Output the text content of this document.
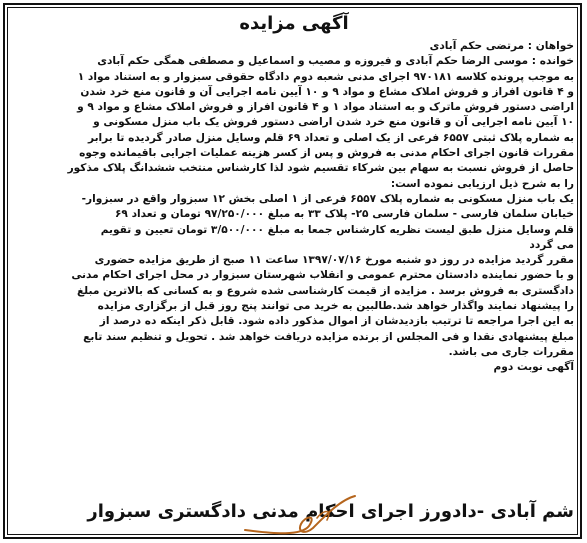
آگهی مزایده
خواهان : مرتضی حکم آبادی
خوانده : موسی الرضا حکم آبادی و فیروزه و مصیب و اسماعیل و مصطفی همگی حکم آبادی
به موجب پرونده کلاسه ۹۷۰۱۸۱ اجرای مدنی شعبه دوم دادگاه حقوقی سبزوار و به استناد مواد ۱
و ۴ قانون افراز و فروش املاک مشاع و مواد ۹ و ۱۰ آیین نامه اجرایی آن و قانون منع خرد شدن
اراضی دستور فروش ماترک و به استناد مواد ۱ و ۴ قانون افراز و فروش املاک مشاع و مواد ۹ و
۱۰ آیین نامه اجرایی آن و قانون منع خرد شدن اراضی دستور فروش یک باب منزل مسکونی و
به شماره پلاک ثبتی ۶۵۵۷ فرعی از یک اصلی و تعداد ۶۹ قلم وسایل منزل صادر گردیده تا برابر
مقررات قانون اجرای احکام مدنی به فروش و پس از کسر هزینه عملیات اجرایی باقیمانده وجوه
حاصل از فروش نسبت به سهام بین شرکاء تقسیم شود لذا کارشناس منتخب ششدانگ پلاک مذکور
را به شرح ذیل ارزیابی نموده است:
یک باب منزل مسکونی به شماره پلاک ۶۵۵۷ فرعی از ۱ اصلی بخش ۱۲ سبزوار واقع در سبزوار-
خیابان سلمان فارسی - سلمان فارسی ۲۵- پلاک ۳۳ به مبلغ ۹۷/۲۵۰/۰۰۰ تومان و تعداد ۶۹
قلم وسایل منزل طبق لیست نظریه کارشناس جمعا به مبلغ ۳/۵۰۰/۰۰۰ تومان تعیین و تقویم
می گردد
مقرر گردید مزایده در روز دو شنبه مورخ ۱۳۹۷/۰۷/۱۶ ساعت ۱۱ صبح از طریق مزایده حضوری
و با حضور نماینده دادستان محترم عمومی و انقلاب شهرستان سبزوار در محل اجرای احکام مدنی
دادگستری به فروش برسد . مزایده از قیمت کارشناسی شده شروع و به کسانی که بالاترین مبلغ
را پیشنهاد نمایند واگذار خواهد شد.طالبین به خرید می توانند پنج روز قبل از برگزاری مزایده
به این اجرا مراجعه تا ترتیب بازدیدشان از اموال مذکور داده شود. قابل ذکر اینکه ده درصد از
مبلغ پیشنهادی نقدا و فی المجلس از برنده مزایده دریافت خواهد شد . تحویل و تنظیم سند تابع
مقررات جاری می باشد.
آگهی نوبت دوم
شم آبادی -دادورز اجرای احکام مدنی دادگستری سبزوار
